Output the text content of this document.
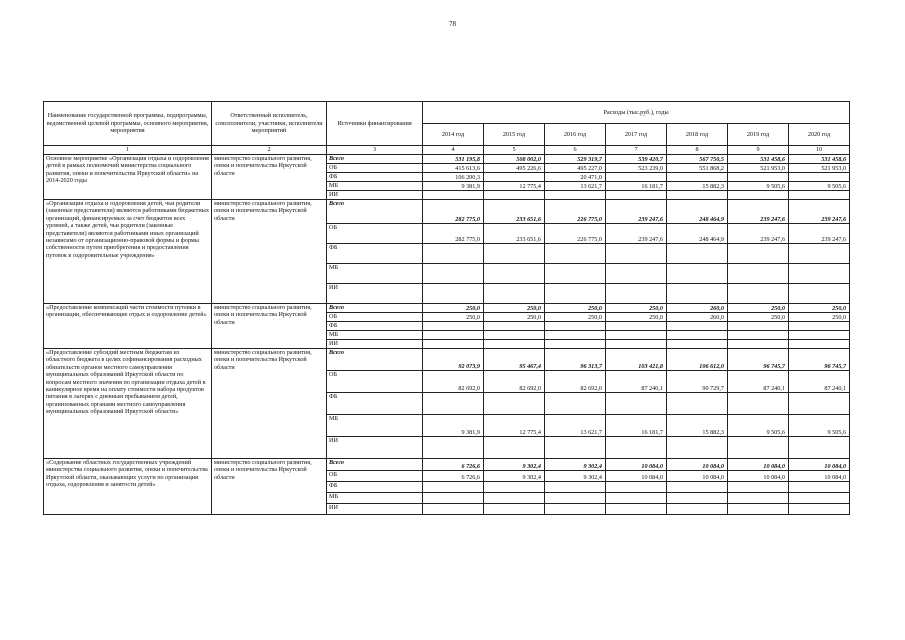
78
Наименование государственной программы, подпрограммы, ведомственной целевой программы, основного мероприятия, мероприятия	Ответственный исполнитель, соисполнители, участники, исполнители мероприятий	Источники финансирования	Расходы (тыс.руб.), годы						
			2014 год	2015 год	2016 год	2017 год	2018 год	2019 год	2020 год
1	2	3	4	5	6	7	8	9	10
Основное мероприятие «Организация отдыха и оздоровления детей в рамках полномочий министерства социального развития, опеки и попечительства Иркутской области» на 2014-2020 годы	министерство социального развития, опеки и попечительства Иркутской области	Всего	531 195,8	508 002,0	529 319,7	539 420,7	567 750,5	531 458,6	531 458,6
		ОБ	415 613,6	495 226,6	495 227,0	523 239,0	551 868,2	521 953,0	521 953,0
		ФБ	106 200,3		20 471,0				
		МБ	9 381,9	12 775,4	13 621,7	16 181,7	15 882,3	9 505,6	9 505,6
		ИИ							
«Организация отдыха и оздоровления детей, чьи родители (законные представители) являются работниками бюджетных организаций, финансируемых за счет бюджетов всех уровней, а также детей, чьи родители (законные представители) являются работниками иных организаций независимо от организационно-правовой формы и формы собственности путем приобретения и предоставления путевок в оздоровительные учреждения»	министерство социального развития, опеки и попечительства Иркутской области	Всего	282 775,0	233 651,6	226 775,0	239 247,6	248 464,9	239 247,6	239 247,6
		ОБ	282 775,0	233 651,6	226 775,0	239 247,6	248 464,9	239 247,6	239 247,6
		ФБ							
		МБ							
		ИИ							
«Предоставление компенсаций части стоимости путевки в организации, обеспечивающие отдых и оздоровление детей»	министерство социального развития, опеки и попечительства Иркутской области	Всего	250,0	250,0	250,0	250,0	260,0	250,0	250,0
		ОБ	250,0	250,0	250,0	250,0	260,0	250,0	250,0
		ФБ							
		МБ							
		ИИ							
«Предоставление субсидий местным бюджетам из областного бюджета в целях софинансирования расходных обязательств органов местного самоуправления муниципальных образований Иркутской области по вопросам местного значения по организации отдыха детей в каникулярное время на оплату стоимости набора продуктов питания в лагерях с дневным пребыванием детей, организованных органами местного самоуправления муниципальных образований Иркутской области»	министерство социального развития, опеки и попечительства Иркутской области	Всего	92 073,9	95 467,4	96 313,7	103 421,8	106 612,0	96 745,7	96 745,7
		ОБ	82 692,0	82 692,0	82 692,0	87 240,1	90 729,7	87 240,1	87 240,1
		ФБ							
		МБ	9 381,9	12 775,4	13 621,7	16 181,7	15 882,3	9 505,6	9 505,6
		ИИ							
«Содержание областных государственных учреждений министерства социального развития, опеки и попечительства Иркутской области, оказывающих услуги по организации отдыха, оздоровления и занятости детей»	министерство социального развития, опеки и попечительства Иркутской области	Всего	6 726,6	9 302,4	9 302,4	10 084,0	10 084,0	10 084,0	10 084,0
		ОБ	6 726,6	9 302,4	9 302,4	10 084,0	10 084,0	10 084,0	10 084,0
		ФБ							
		МБ							
		ИИ							
